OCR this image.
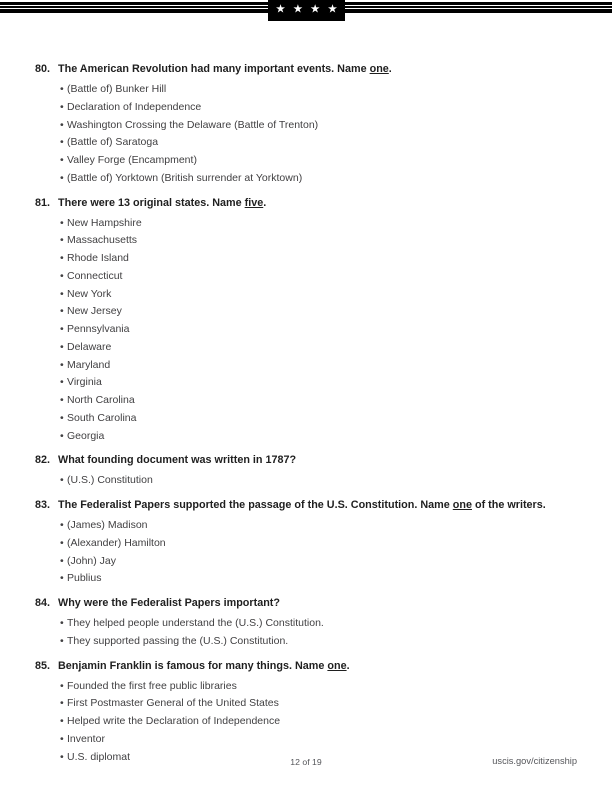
★ ★ ★ ★
80. The American Revolution had many important events. Name one.
• (Battle of) Bunker Hill
• Declaration of Independence
• Washington Crossing the Delaware (Battle of Trenton)
• (Battle of) Saratoga
• Valley Forge (Encampment)
• (Battle of) Yorktown (British surrender at Yorktown)
81. There were 13 original states. Name five.
• New Hampshire
• Massachusetts
• Rhode Island
• Connecticut
• New York
• New Jersey
• Pennsylvania
• Delaware
• Maryland
• Virginia
• North Carolina
• South Carolina
• Georgia
82. What founding document was written in 1787?
• (U.S.) Constitution
83. The Federalist Papers supported the passage of the U.S. Constitution. Name one of the writers.
• (James) Madison
• (Alexander) Hamilton
• (John) Jay
• Publius
84. Why were the Federalist Papers important?
• They helped people understand the (U.S.) Constitution.
• They supported passing the (U.S.) Constitution.
85. Benjamin Franklin is famous for many things. Name one.
• Founded the first free public libraries
• First Postmaster General of the United States
• Helped write the Declaration of Independence
• Inventor
• U.S. diplomat	12 of 19	uscis.gov/citizenship
